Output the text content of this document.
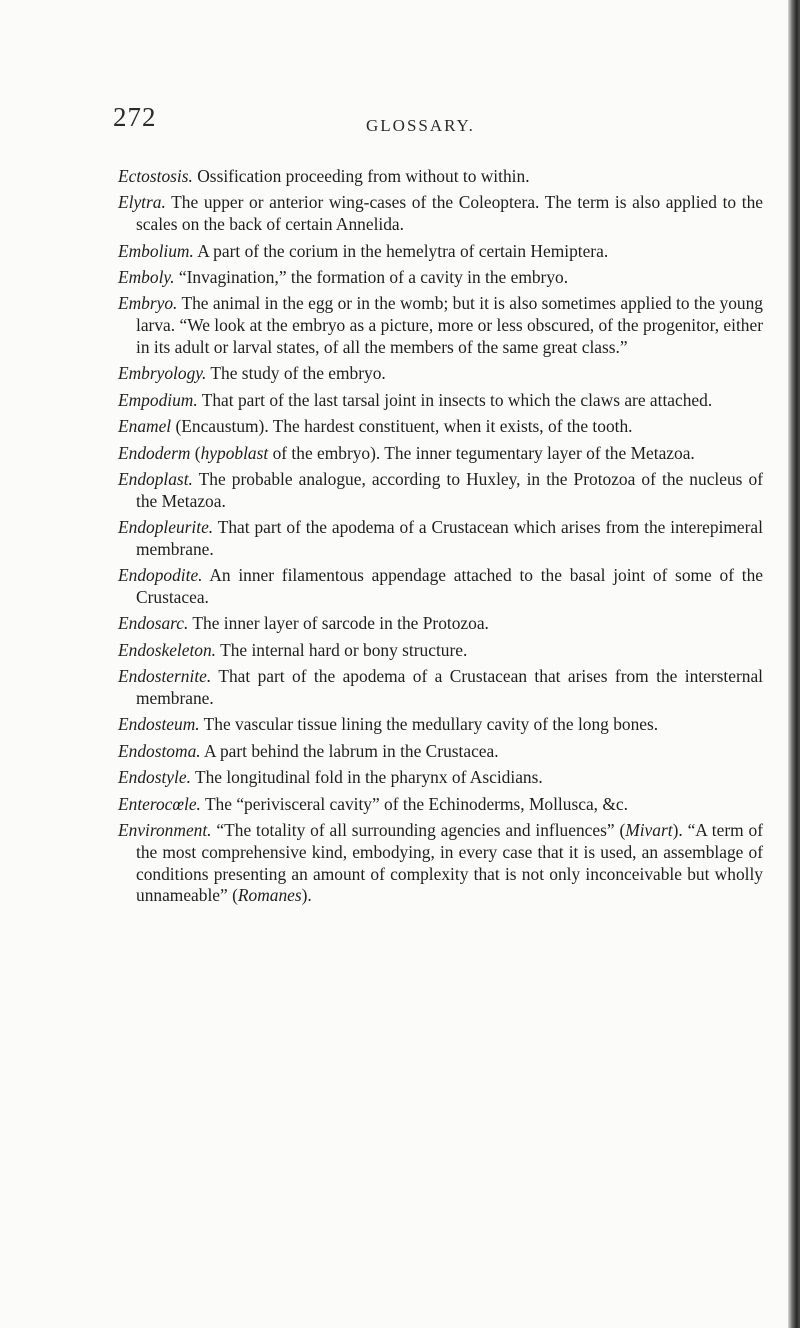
272	GLOSSARY.

Ectostosis. Ossification proceeding from without to within.

Elytra. The upper or anterior wing-cases of the Coleoptera. The term is also applied to the scales on the back of certain Annelida.

Embolium. A part of the corium in the hemelytra of certain Hemiptera.

Emboly. “Invagination,” the formation of a cavity in the embryo.

Embryo. The animal in the egg or in the womb; but it is also sometimes applied to the young larva. “We look at the embryo as a picture, more or less obscured, of the progenitor, either in its adult or larval states, of all the members of the same great class.”

Embryology. The study of the embryo.

Empodium. That part of the last tarsal joint in insects to which the claws are attached.

Enamel (Encaustum). The hardest constituent, when it exists, of the tooth.

Endoderm (hypoblast of the embryo). The inner tegumentary layer of the Metazoa.

Endoplast. The probable analogue, according to Huxley, in the Protozoa of the nucleus of the Metazoa.

Endopleurite. That part of the apodema of a Crustacean which arises from the interepimeral membrane.

Endopodite. An inner filamentous appendage attached to the basal joint of some of the Crustacea.

Endosarc. The inner layer of sarcode in the Protozoa.

Endoskeleton. The internal hard or bony structure.

Endosternite. That part of the apodema of a Crustacean that arises from the intersternal membrane.

Endosteum. The vascular tissue lining the medullary cavity of the long bones.

Endostoma. A part behind the labrum in the Crustacea.

Endostyle. The longitudinal fold in the pharynx of Ascidians.

Enterocœle. The “perivisceral cavity” of the Echinoderms, Mollusca, &c.

Environment. “The totality of all surrounding agencies and influences” (Mivart). “A term of the most comprehensive kind, embodying, in every case that it is used, an assemblage of conditions presenting an amount of complexity that is not only inconceivable but wholly unnameable” (Romanes).
